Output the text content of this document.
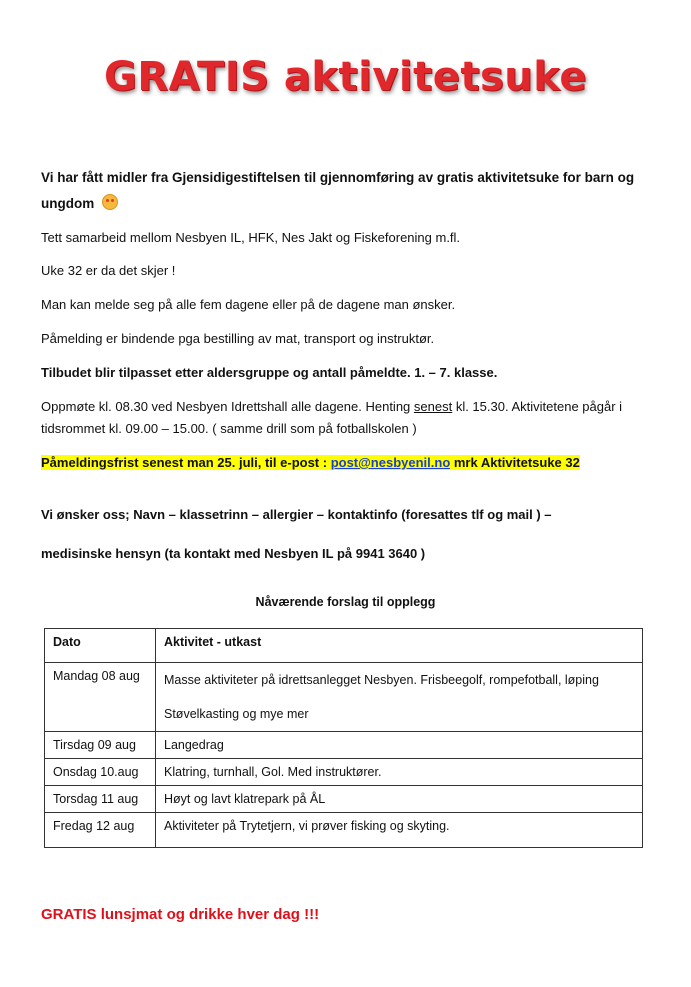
GRATIS aktivitetsuke
Vi har fått midler fra Gjensidigestiftelsen til gjennomføring av gratis aktivitetsuke for barn og ungdom
Tett samarbeid mellom Nesbyen IL, HFK, Nes Jakt og Fiskeforening m.fl.
Uke 32 er da det skjer !
Man kan melde seg på alle fem dagene eller på de dagene man ønsker.
Påmelding er bindende pga bestilling av mat, transport og instruktør.
Tilbudet blir tilpasset etter aldersgruppe og antall påmeldte. 1. – 7. klasse.
Oppmøte kl. 08.30 ved Nesbyen Idrettshall alle dagene. Henting senest kl. 15.30. Aktivitetene pågår i tidsrommet kl. 09.00 – 15.00. ( samme drill som på fotballskolen )
Påmeldingsfrist senest man 25. juli, til e-post : post@nesbyenil.no mrk Aktivitetsuke 32
Vi ønsker oss; Navn – klassetrinn – allergier – kontaktinfo (foresattes tlf og mail ) –
medisinske hensyn (ta kontakt med Nesbyen IL på 9941 3640 )
Nåværende forslag til opplegg
Dato	Aktivitet - utkast
Mandag 08 aug	Masse aktiviteter på idrettsanlegget Nesbyen. Frisbeegolf, rompefotball, løping
Støvelkasting og mye mer

Tirsdag 09 aug	Langedrag
Onsdag 10.aug	Klatring, turnhall, Gol. Med instruktører.
Torsdag 11 aug	Høyt og lavt klatrepark på ÅL
Fredag 12 aug	Aktiviteter på Trytetjern, vi prøver fisking og skyting.
GRATIS lunsjmat og drikke hver dag !!!
